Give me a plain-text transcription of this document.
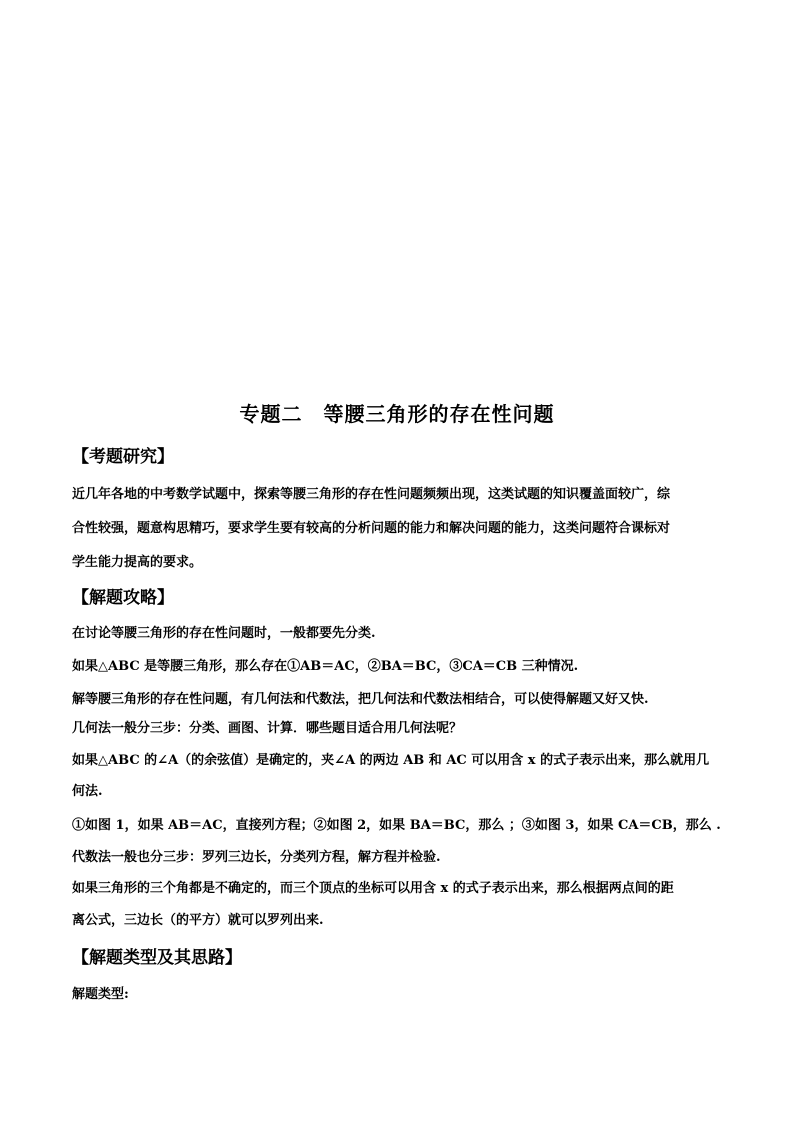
专题二　等腰三角形的存在性问题
【考题研究】
近几年各地的中考数学试题中，探索等腰三角形的存在性问题频频出现，这类试题的知识覆盖面较广，综
合性较强，题意构思精巧，要求学生要有较高的分析问题的能力和解决问题的能力，这类问题符合课标对
学生能力提高的要求。
【解题攻略】
在讨论等腰三角形的存在性问题时，一般都要先分类.
如果△ABC 是等腰三角形，那么存在①AB＝AC，②BA＝BC，③CA＝CB 三种情况.
解等腰三角形的存在性问题，有几何法和代数法，把几何法和代数法相结合，可以使得解题又好又快.
几何法一般分三步：分类、画图、计算．哪些题目适合用几何法呢？
如果△ABC 的∠A（的余弦值）是确定的，夹∠A 的两边 AB 和 AC 可以用含 x 的式子表示出来，那么就用几
何法.
①如图 1，如果 AB＝AC，直接列方程；②如图 2，如果 BA＝BC，那么 ；③如图 3，如果 CA＝CB，那么 .
代数法一般也分三步：罗列三边长，分类列方程，解方程并检验.
如果三角形的三个角都是不确定的，而三个顶点的坐标可以用含 x 的式子表示出来，那么根据两点间的距
离公式，三边长（的平方）就可以罗列出来.
【解题类型及其思路】
解题类型:
